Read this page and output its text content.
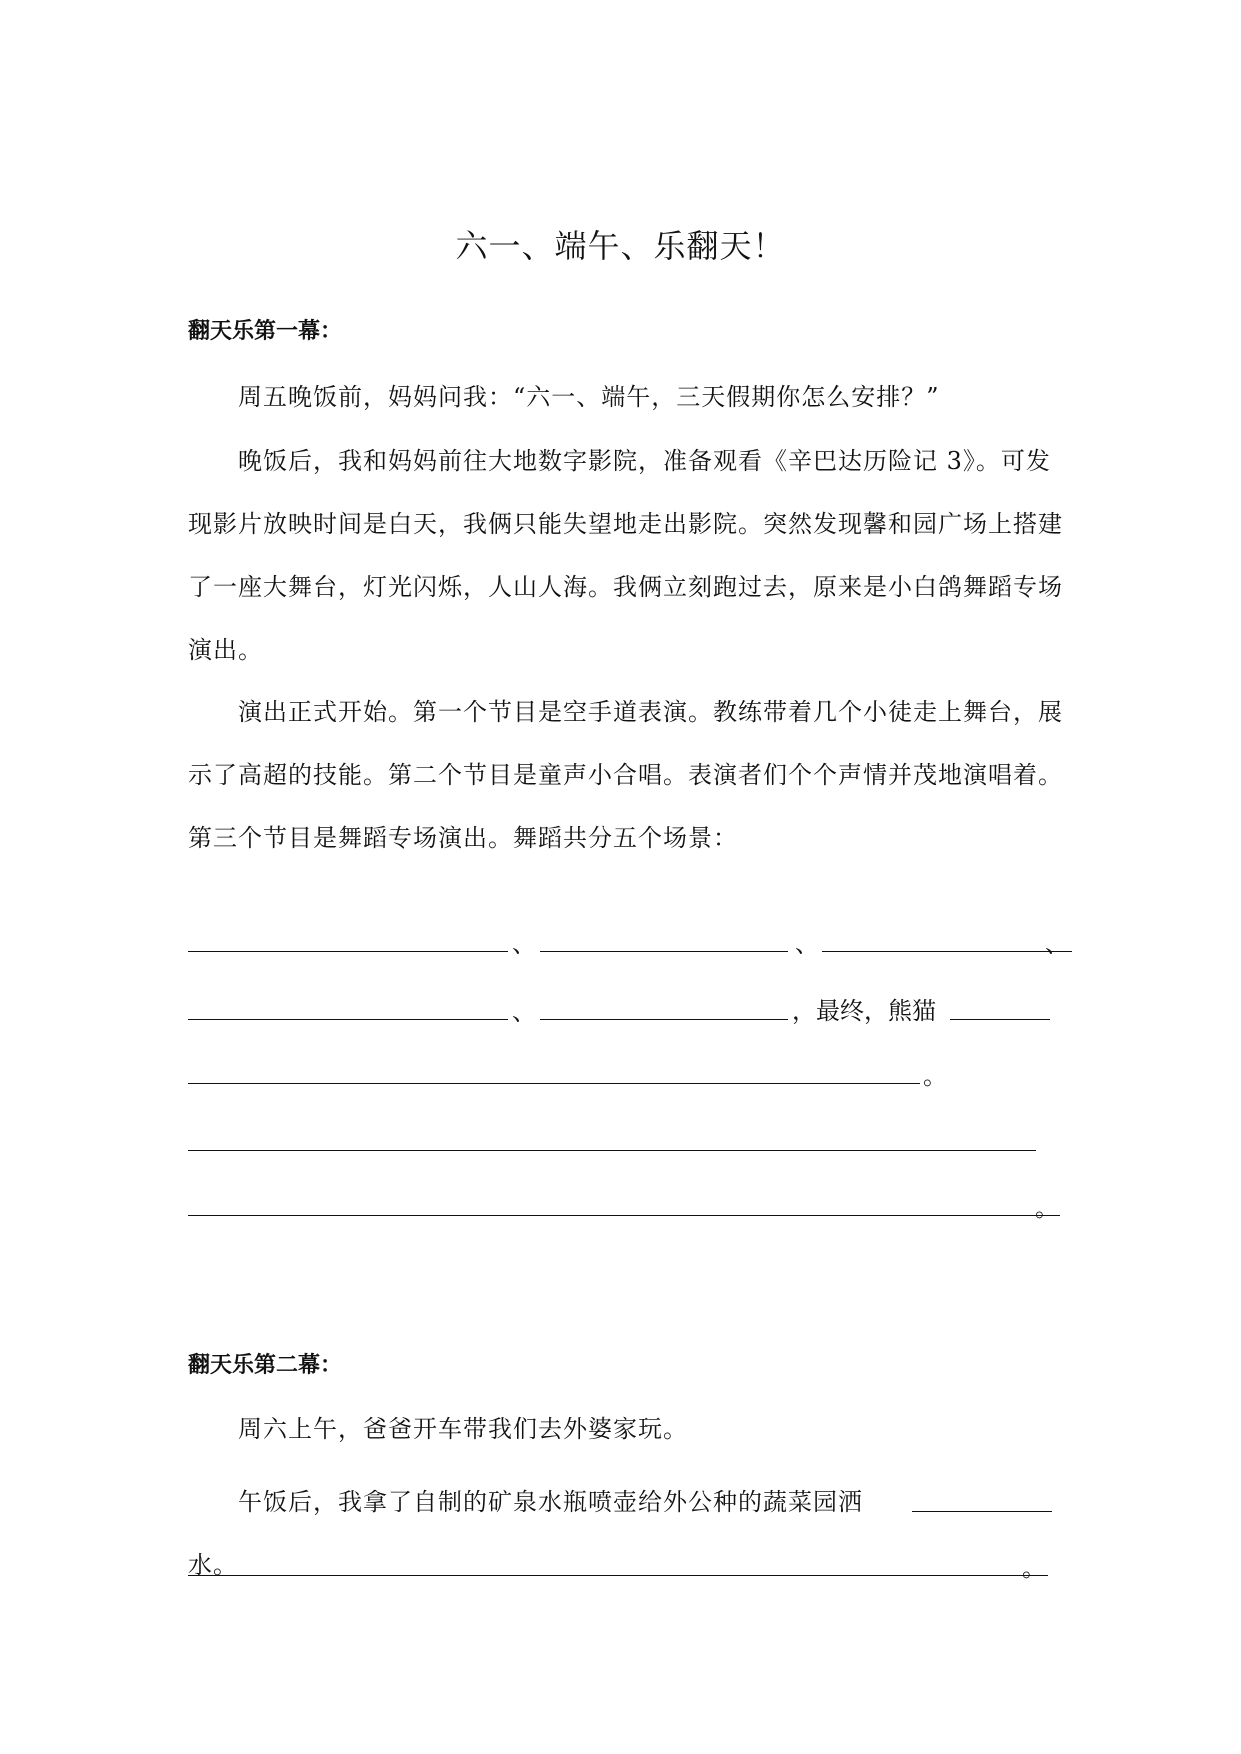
六一、端午、乐翻天！
翻天乐第一幕：

周五晚饭前，妈妈问我：“六一、端午，三天假期你怎么安排？”

晚饭后，我和妈妈前往大地数字影院，准备观看《辛巴达历险记 3》。可发现影片放映时间是白天，我俩只能失望地走出影院。突然发现馨和园广场上搭建了一座大舞台，灯光闪烁，人山人海。我俩立刻跑过去，原来是小白鸽舞蹈专场演出。

演出正式开始。第一个节目是空手道表演。教练带着几个小徒走上舞台，展示了高超的技能。第二个节目是童声小合唱。表演者们个个声情并茂地演唱着。第三个节目是舞蹈专场演出。舞蹈共分五个场景：

、	、	、
、	，最终，熊猫
。
。
翻天乐第二幕：

周六上午，爸爸开车带我们去外婆家玩。

午饭后，我拿了自制的矿泉水瓶喷壶给外公种的蔬菜园洒水。	。
